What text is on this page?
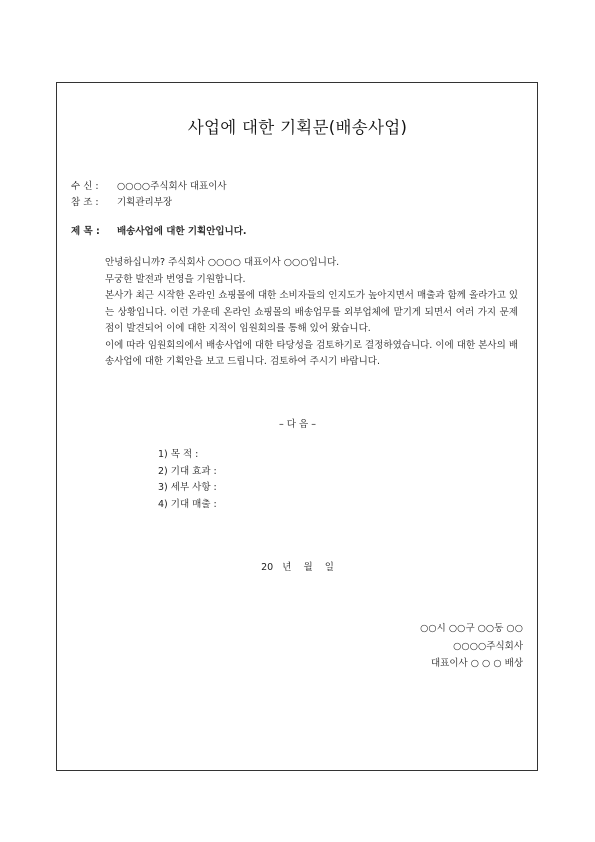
사업에 대한 기획문(배송사업)
수 신 : ○○○○주식회사 대표이사
참 조 : 기획관리부장
제 목 : 배송사업에 대한 기획안입니다.

안녕하십니까? 주식회사 ○○○○ 대표이사 ○○○입니다.

무궁한 발전과 번영을 기원합니다.

본사가 최근 시작한 온라인 쇼핑몰에 대한 소비자들의 인지도가 높아지면서 매출과 함께 올라가고 있는 상황입니다. 이런 가운데 온라인 쇼핑몰의 배송업무를 외부업체에 맡기게 되면서 여러 가지 문제점이 발견되어 이에 대한 지적이 임원회의를 통해 있어 왔습니다.

이에 따라 임원회의에서 배송사업에 대한 타당성을 검토하기로 결정하였습니다. 이에 대한 본사의 배송사업에 대한 기획안을 보고 드립니다. 검토하여 주시기 바랍니다.

– 다 음 –
1) 목 적 :
2) 기대 효과 :
3) 세부 사항 :
4) 기대 매출 :
20   년    월    일
○○시 ○○구 ○○동 ○○
○○○○주식회사
대표이사 ○ ○ ○ 배상
